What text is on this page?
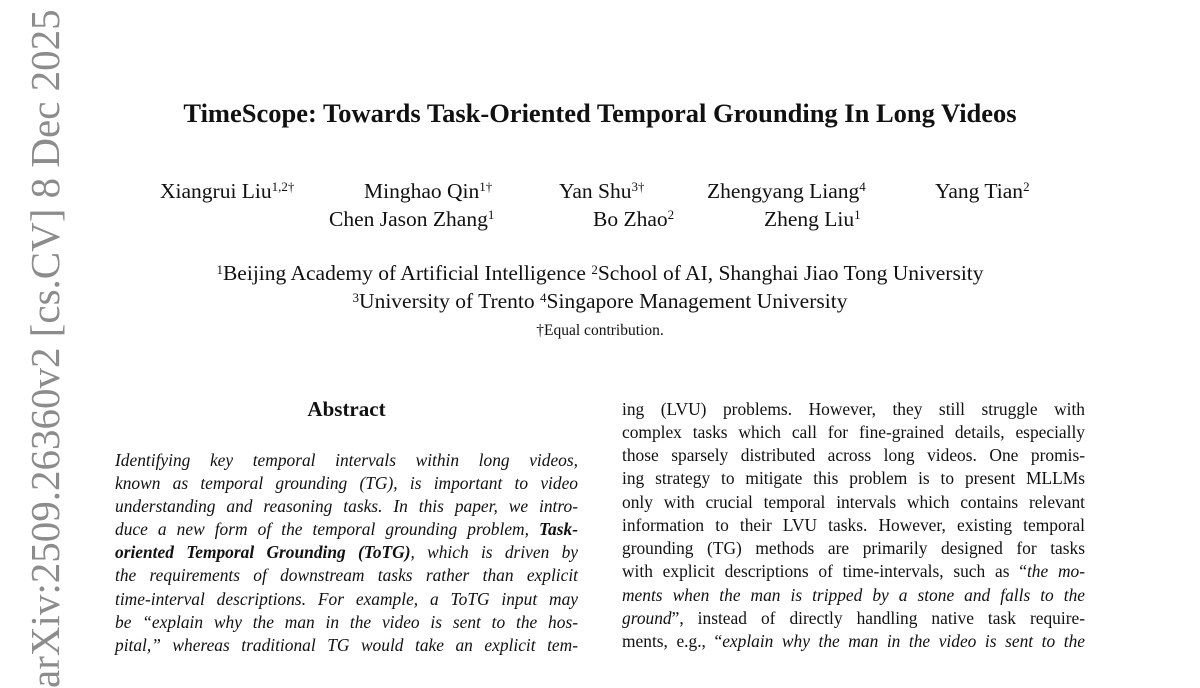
arXiv:2509.26360v2 [cs.CV] 8 Dec 2025	TimeScope: Towards Task-Oriented Temporal Grounding In Long Videos
Xiangrui Liu$^{1,2\dagger}$	Minghao Qin$^{1\dagger}$	Yan Shu$^{3\dagger}$	Zhengyang Liang$^4$	Yang Tian$^2$
Chen Jason Zhang$^1$	Bo Zhao$^2$	Zheng Liu$^1$
$^1$Beijing Academy of Artificial Intelligence $^2$School of AI, Shanghai Jiao Tong University
$^3$University of Trento $^4$Singapore Management University
†Equal contribution.
Abstract
Identifying key temporal intervals within long videos,
known as temporal grounding (TG), is important to video
understanding and reasoning tasks. In this paper, we intro-
duce a new form of the temporal grounding problem, Task-
oriented Temporal Grounding (ToTG), which is driven by
the requirements of downstream tasks rather than explicit
time-interval descriptions. For example, a ToTG input may
be “explain why the man in the video is sent to the hos-
pital,” whereas traditional TG would take an explicit tem-
ing (LVU) problems. However, they still struggle with
complex tasks which call for fine-grained details, especially
those sparsely distributed across long videos. One promis-
ing strategy to mitigate this problem is to present MLLMs
only with crucial temporal intervals which contains relevant
information to their LVU tasks. However, existing temporal
grounding (TG) methods are primarily designed for tasks
with explicit descriptions of time-intervals, such as “the mo-
ments when the man is tripped by a stone and falls to the
ground”, instead of directly handling native task require-
ments, e.g., “explain why the man in the video is sent to the
